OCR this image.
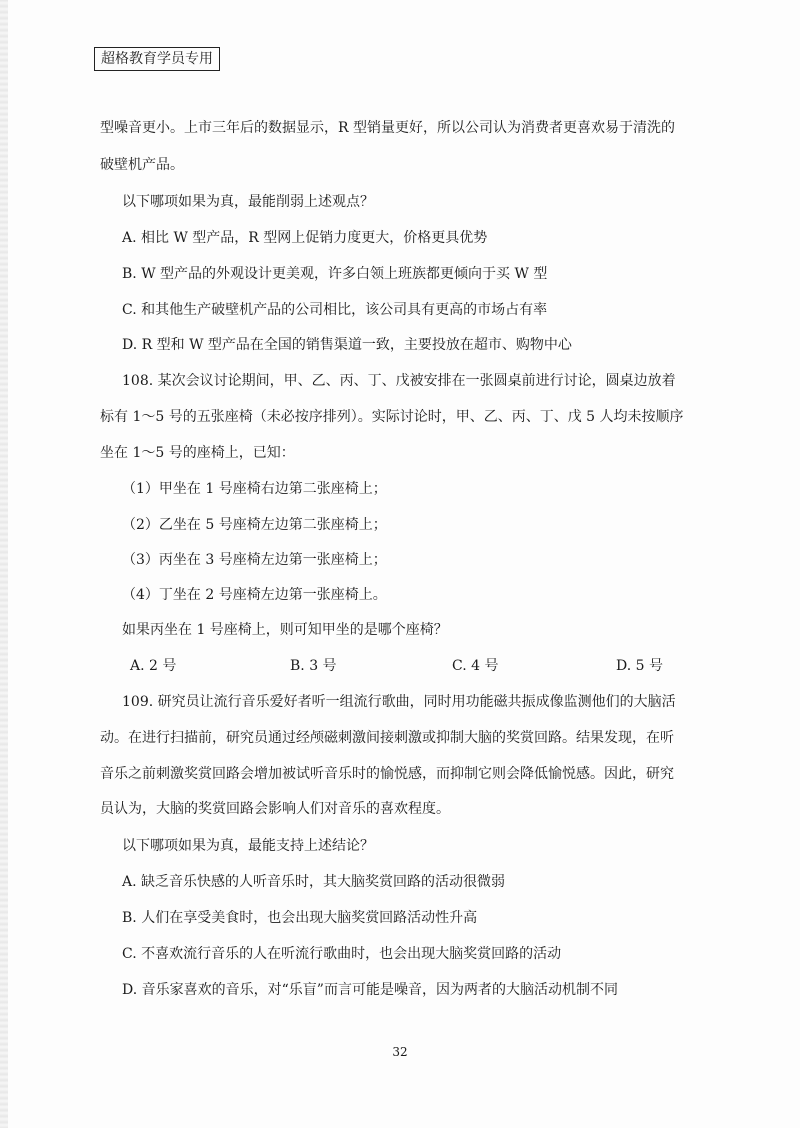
超格教育学员专用
型噪音更小。上市三年后的数据显示，R 型销量更好，所以公司认为消费者更喜欢易于清洗的
破壁机产品。
以下哪项如果为真，最能削弱上述观点？
A. 相比 W 型产品，R 型网上促销力度更大，价格更具优势
B. W 型产品的外观设计更美观，许多白领上班族都更倾向于买 W 型
C. 和其他生产破壁机产品的公司相比，该公司具有更高的市场占有率
D. R 型和 W 型产品在全国的销售渠道一致，主要投放在超市、购物中心
108. 某次会议讨论期间，甲、乙、丙、丁、戊被安排在一张圆桌前进行讨论，圆桌边放着
标有 1～5 号的五张座椅（未必按序排列）。实际讨论时，甲、乙、丙、丁、戊 5 人均未按顺序
坐在 1～5 号的座椅上，已知：
（1）甲坐在 1 号座椅右边第二张座椅上；
（2）乙坐在 5 号座椅左边第二张座椅上；
（3）丙坐在 3 号座椅左边第一张座椅上；
（4）丁坐在 2 号座椅左边第一张座椅上。
如果丙坐在 1 号座椅上，则可知甲坐的是哪个座椅？
A. 2 号	B. 3 号	C. 4 号	D. 5 号
109. 研究员让流行音乐爱好者听一组流行歌曲，同时用功能磁共振成像监测他们的大脑活
动。在进行扫描前，研究员通过经颅磁刺激间接刺激或抑制大脑的奖赏回路。结果发现，在听
音乐之前刺激奖赏回路会增加被试听音乐时的愉悦感，而抑制它则会降低愉悦感。因此，研究
员认为，大脑的奖赏回路会影响人们对音乐的喜欢程度。
以下哪项如果为真，最能支持上述结论？
A. 缺乏音乐快感的人听音乐时，其大脑奖赏回路的活动很微弱
B. 人们在享受美食时，也会出现大脑奖赏回路活动性升高
C. 不喜欢流行音乐的人在听流行歌曲时，也会出现大脑奖赏回路的活动
D. 音乐家喜欢的音乐，对“乐盲”而言可能是噪音，因为两者的大脑活动机制不同
32
